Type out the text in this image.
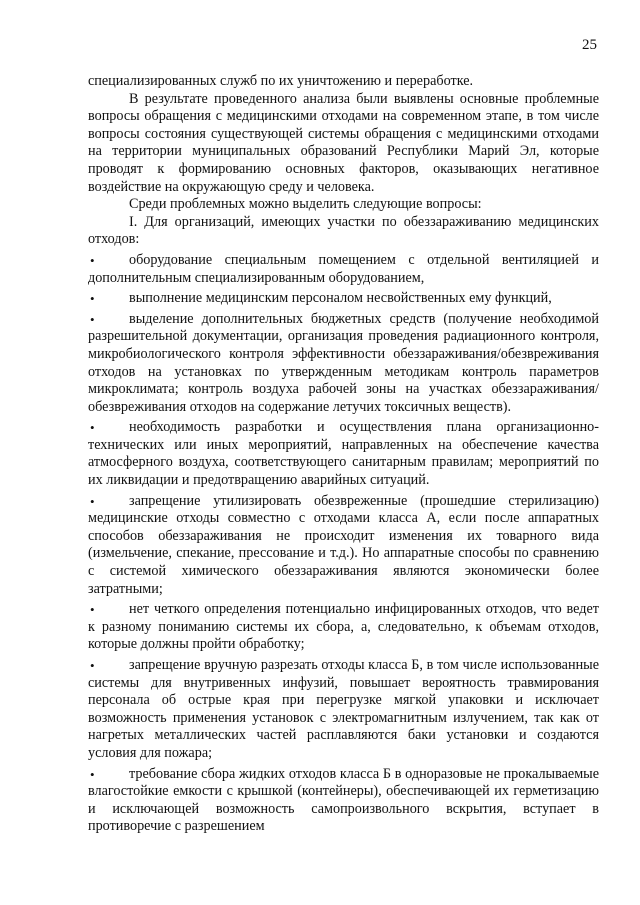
25

специализированных служб по их уничтожению и переработке.

В результате проведенного анализа были выявлены основные проблемные вопросы обращения с медицинскими отходами на современном этапе, в том числе вопросы состояния существующей системы обращения с медицинскими отходами на территории муниципальных образований Республики Марий Эл, которые проводят к формированию основных факторов, оказывающих негативное воздействие на окружающую среду и человека.

Среди проблемных можно выделить следующие вопросы:

I. Для организаций, имеющих участки по обеззараживанию медицинских отходов:

• оборудование специальным помещением с отдельной вентиляцией и дополнительным специализированным оборудованием,

• выполнение медицинским персоналом несвойственных ему функций,

• выделение дополнительных бюджетных средств (получение необходимой разрешительной документации, организация проведения радиационного контроля, микробиологического контроля эффективности обеззараживания/обезвреживания отходов на установках по утвержденным методикам контроль параметров микроклимата; контроль воздуха рабочей зоны на участках обеззараживания/обезвреживания отходов на содержание летучих токсичных веществ).

• необходимость разработки и осуществления плана организационно-технических или иных мероприятий, направленных на обеспечение качества атмосферного воздуха, соответствующего санитарным правилам; мероприятий по их ликвидации и предотвращению аварийных ситуаций.

• запрещение утилизировать обезвреженные (прошедшие стерилизацию) медицинские отходы совместно с отходами класса А, если после аппаратных способов обеззараживания не происходит изменения их товарного вида (измельчение, спекание, прессование и т.д.). Но аппаратные способы по сравнению с системой химического обеззараживания являются экономически более затратными;

• нет четкого определения потенциально инфицированных отходов, что ведет к разному пониманию системы их сбора, а, следовательно, к объемам отходов, которые должны пройти обработку;

• запрещение вручную разрезать отходы класса Б, в том числе использованные системы для внутривенных инфузий, повышает вероятность травмирования персонала об острые края при перегрузке мягкой упаковки и исключает возможность применения установок с электромагнитным излучением, так как от нагретых металлических частей расплавляются баки установки и создаются условия для пожара;

• требование сбора жидких отходов класса Б в одноразовые не прокалываемые влагостойкие емкости с крышкой (контейнеры), обеспечивающей их герметизацию и исключающей возможность самопроизвольного вскрытия, вступает в противоречие с разрешением
